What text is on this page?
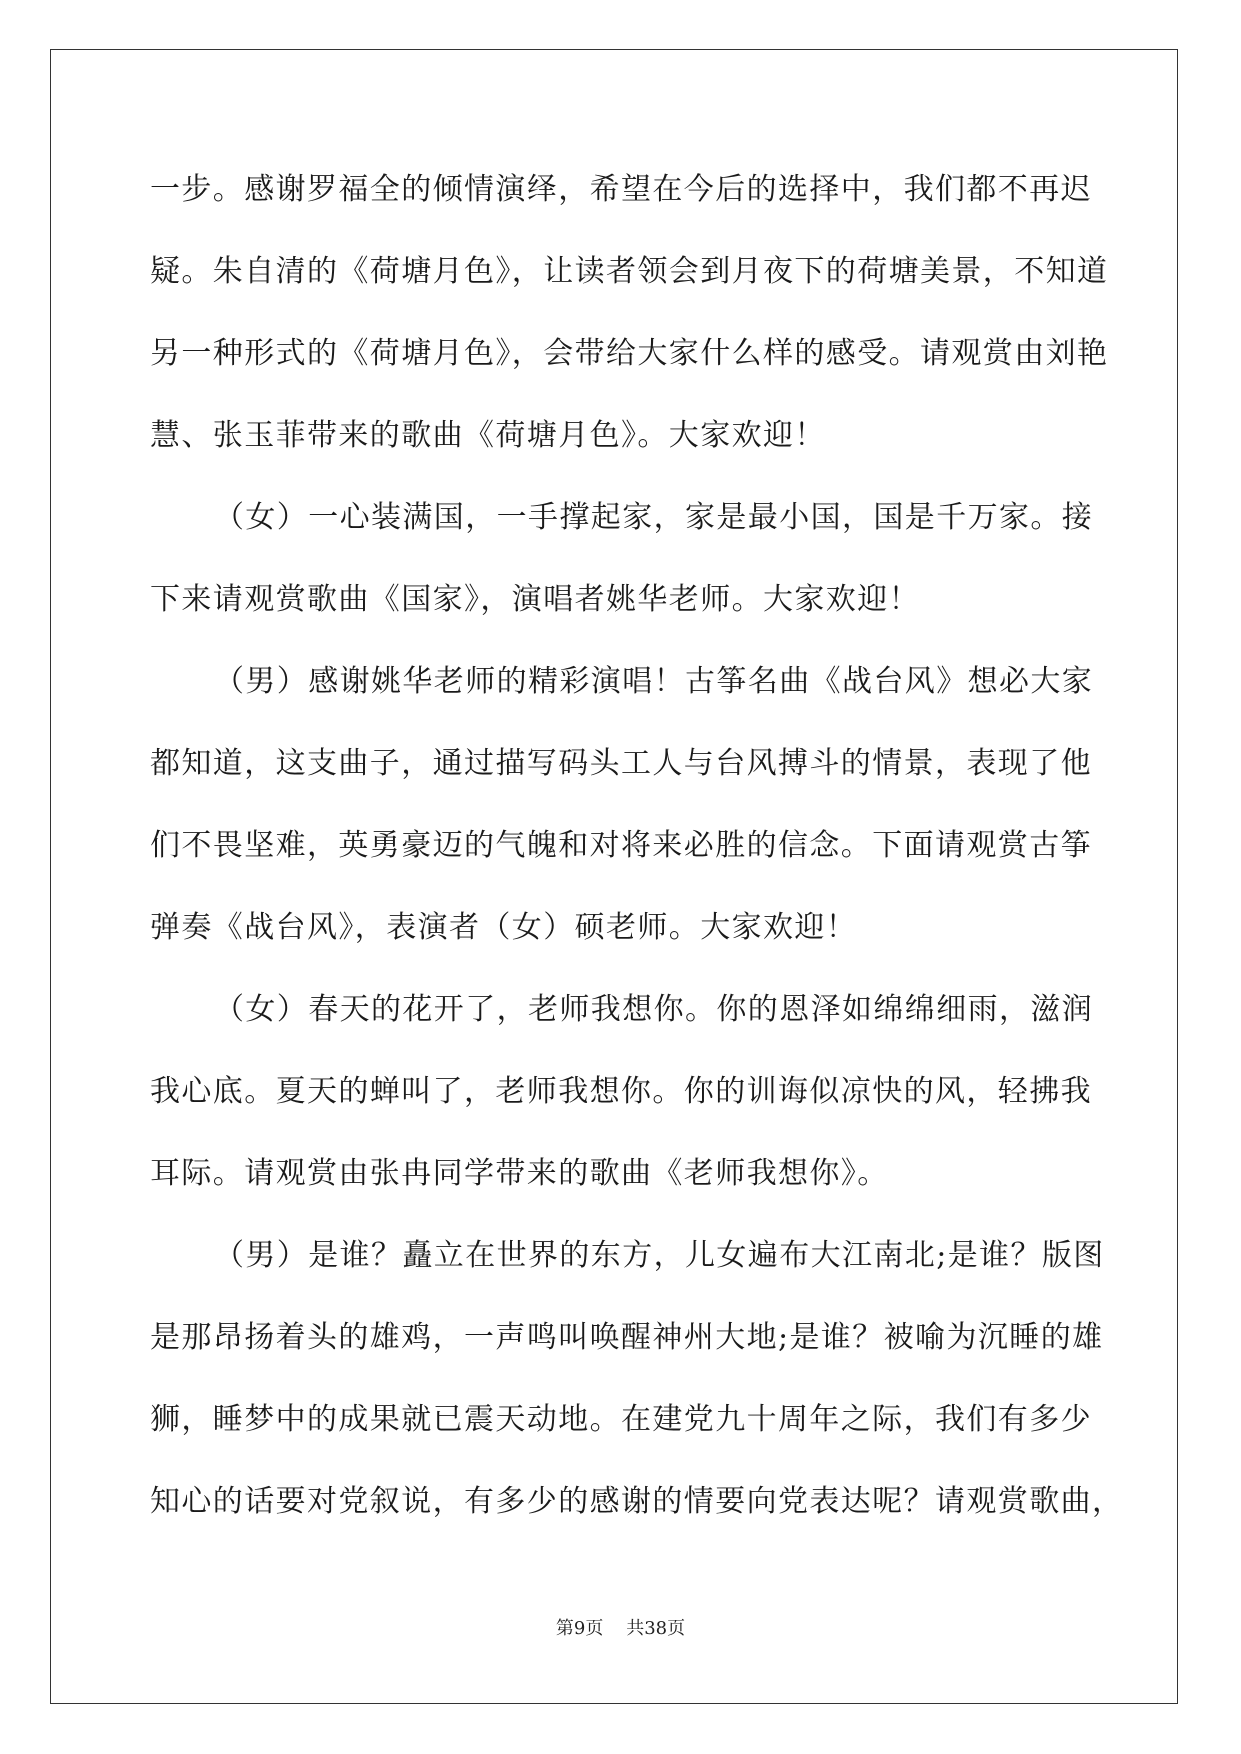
一步。感谢罗福全的倾情演绎，希望在今后的选择中，我们都不再迟
疑。朱自清的《荷塘月色》，让读者领会到月夜下的荷塘美景，不知道
另一种形式的《荷塘月色》，会带给大家什么样的感受。请观赏由刘艳
慧、张玉菲带来的歌曲《荷塘月色》。大家欢迎！
（女）一心装满国，一手撑起家，家是最小国，国是千万家。接
下来请观赏歌曲《国家》，演唱者姚华老师。大家欢迎！
（男）感谢姚华老师的精彩演唱！古筝名曲《战台风》想必大家
都知道，这支曲子，通过描写码头工人与台风搏斗的情景，表现了他
们不畏坚难，英勇豪迈的气魄和对将来必胜的信念。下面请观赏古筝
弹奏《战台风》，表演者（女）硕老师。大家欢迎！
（女）春天的花开了，老师我想你。你的恩泽如绵绵细雨，滋润
我心底。夏天的蝉叫了，老师我想你。你的训诲似凉快的风，轻拂我
耳际。请观赏由张冉同学带来的歌曲《老师我想你》。
（男）是谁？矗立在世界的东方，儿女遍布大江南北;是谁？版图
是那昂扬着头的雄鸡，一声鸣叫唤醒神州大地;是谁？被喻为沉睡的雄
狮，睡梦中的成果就已震天动地。在建党九十周年之际，我们有多少
知心的话要对党叙说，有多少的感谢的情要向党表达呢？请观赏歌曲，
第9页 共38页
